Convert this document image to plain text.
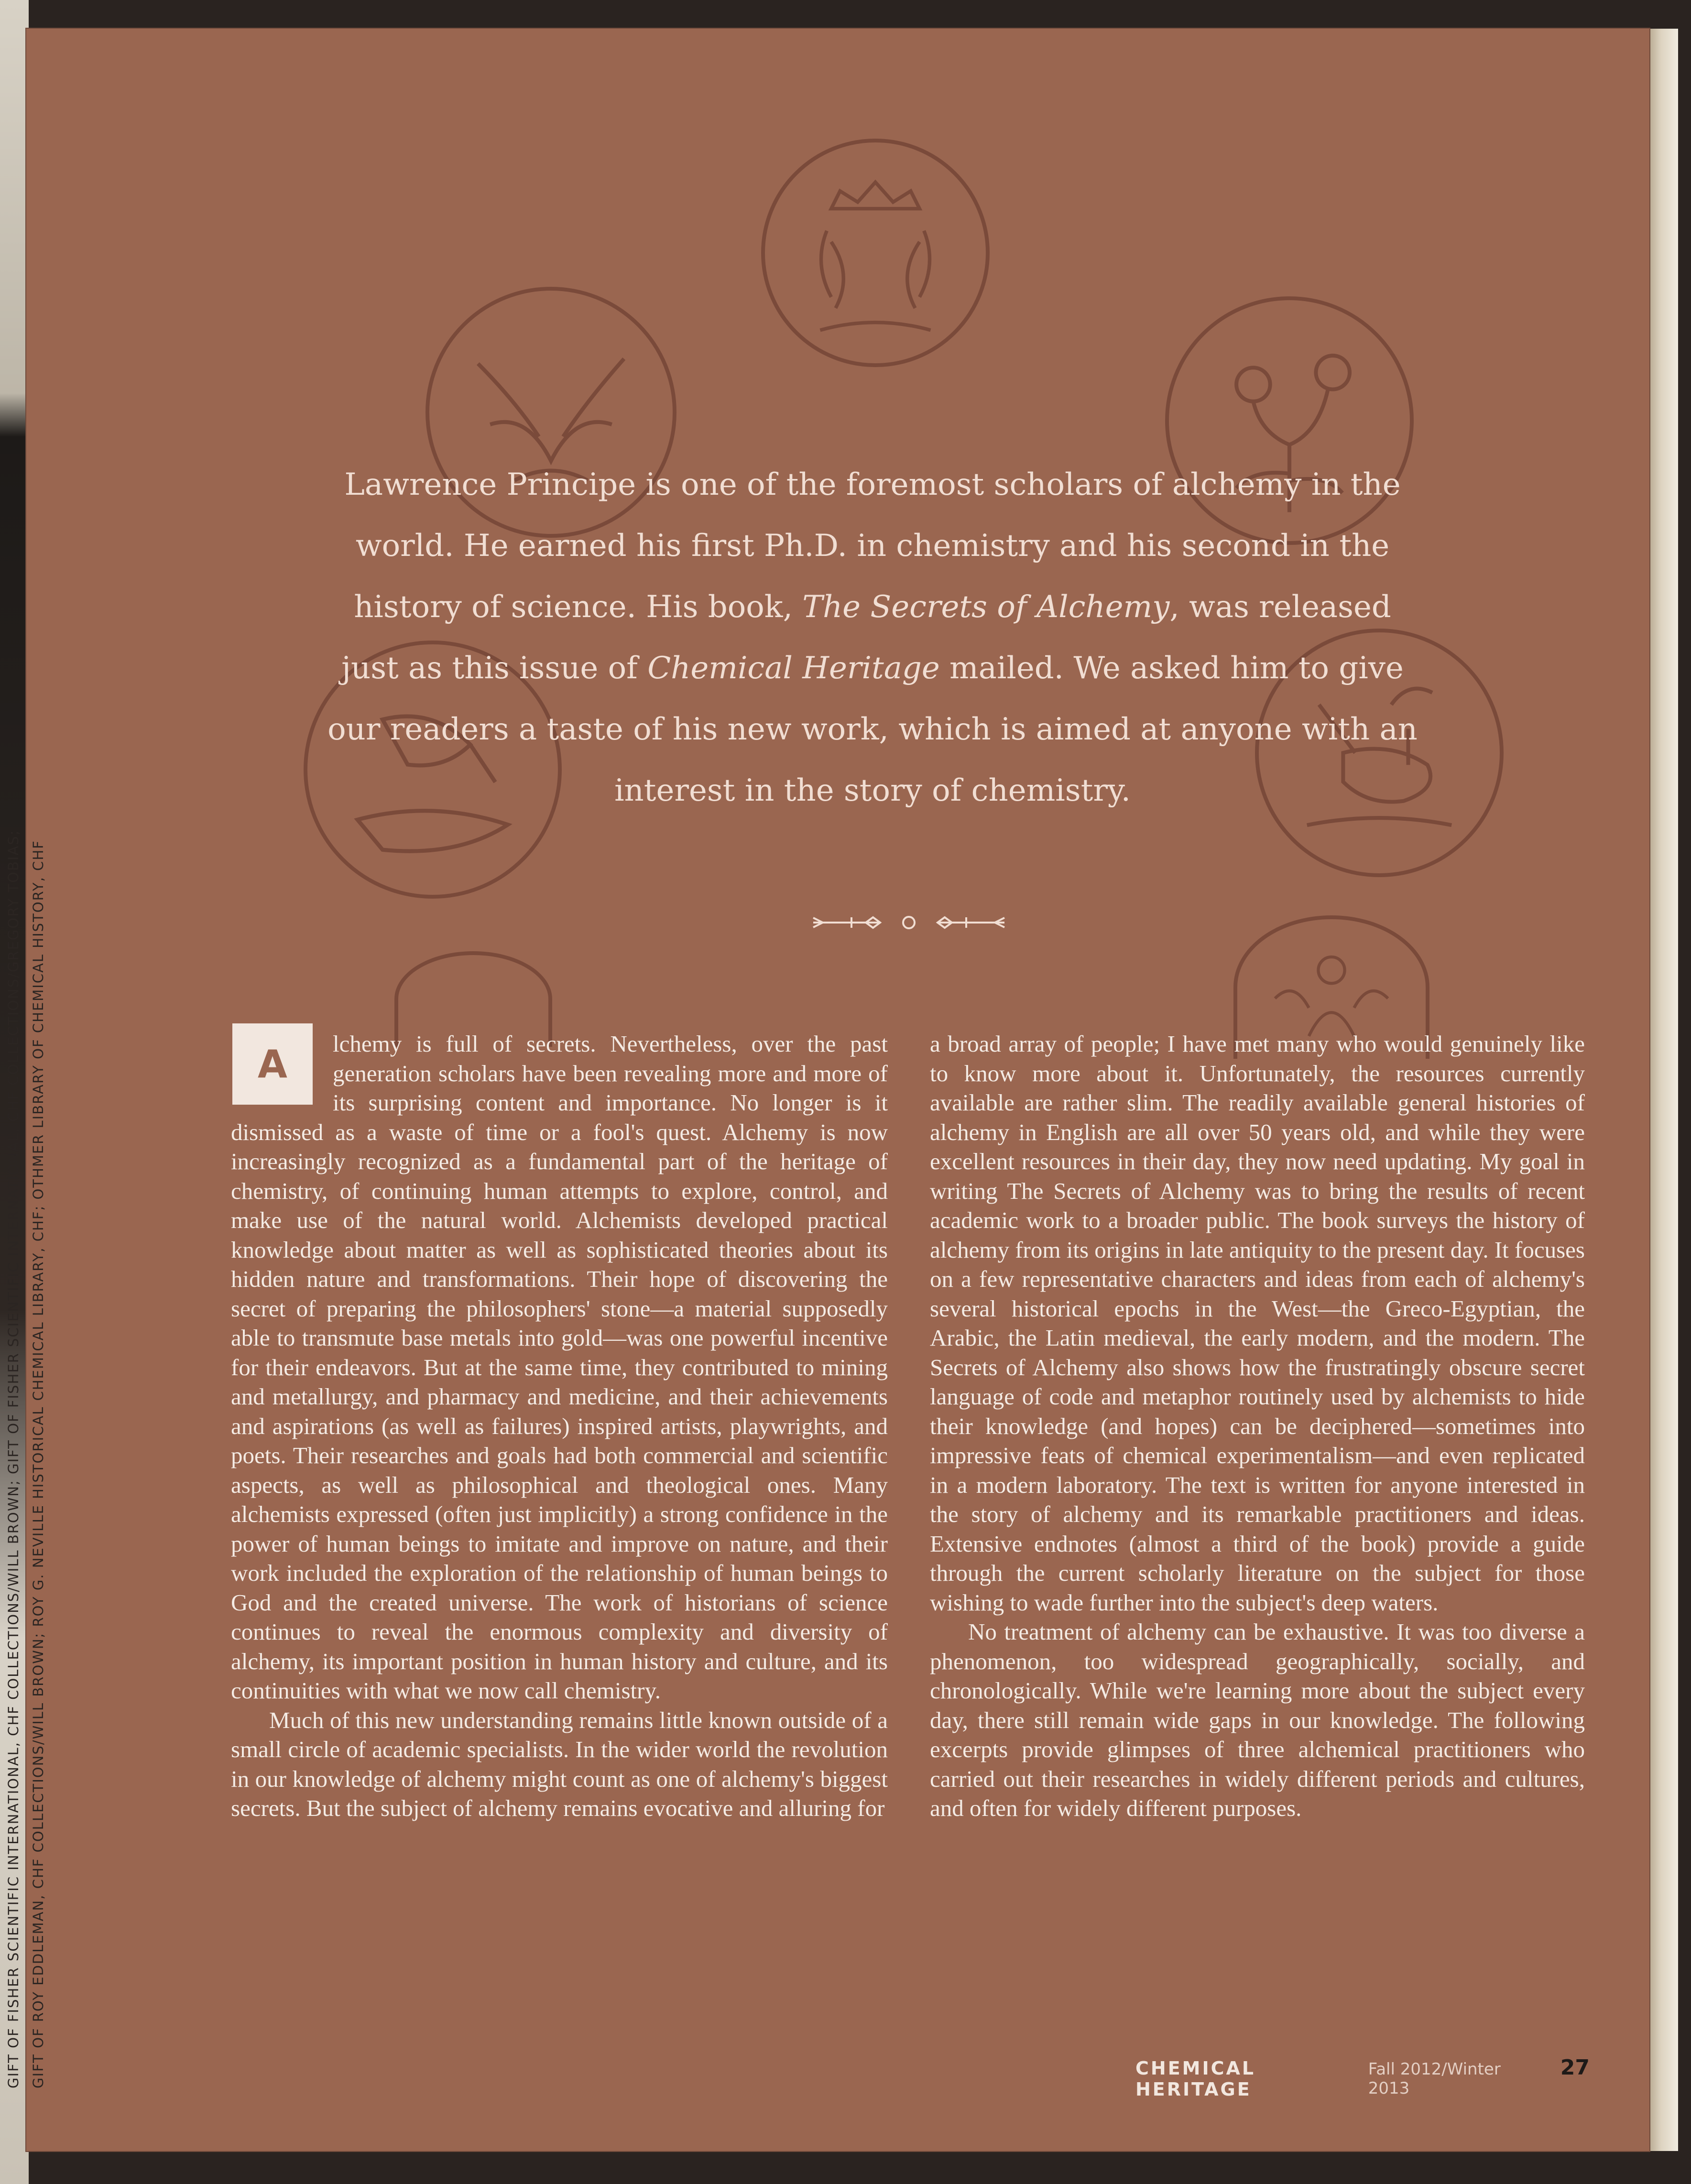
Lawrence Principe is one of the foremost scholars of alchemy in the world. He earned his first Ph.D. in chemistry and his second in the history of science. His book, The Secrets of Alchemy, was released just as this issue of Chemical Heritage mailed. We asked him to give our readers a taste of his new work, which is aimed at anyone with an interest in the story of chemistry.
A	lchemy is full of secrets. Nevertheless, over the past generation scholars have been revealing more and more of its surprising content and importance. No longer is it dismissed as a waste of time or a fool's quest. Alchemy is now increasingly recognized as a fundamental part of the heritage of chemistry, of continuing human attempts to explore, control, and make use of the natural world. Alchemists developed practical knowledge about matter as well as sophisticated theories about its hidden nature and transformations. Their hope of discovering the secret of preparing the philosophers' stone—a material supposedly able to transmute base metals into gold—was one powerful incentive for their endeavors. But at the same time, they contributed to mining and metallurgy, and pharmacy and medicine, and their achievements and aspirations (as well as failures) inspired artists, playwrights, and poets. Their researches and goals had both commercial and scientific aspects, as well as philosophical and theological ones. Many alchemists expressed (often just implicitly) a strong confidence in the power of human beings to imitate and improve on nature, and their work included the exploration of the relationship of human beings to God and the created universe. The work of historians of science continues to reveal the enormous complexity and diversity of alchemy, its important position in human history and culture, and its continuities with what we now call chemistry.

Much of this new understanding remains little known outside of a small circle of academic specialists. In the wider world the revolution in our knowledge of alchemy might count as one of alchemy's biggest secrets. But the subject of alchemy remains evocative and alluring for

a broad array of people; I have met many who would genuinely like to know more about it. Unfortunately, the resources currently available are rather slim. The readily available general histories of alchemy in English are all over 50 years old, and while they were excellent resources in their day, they now need updating. My goal in writing The Secrets of Alchemy was to bring the results of recent academic work to a broader public. The book surveys the history of alchemy from its origins in late antiquity to the present day. It focuses on a few representative characters and ideas from each of alchemy's several historical epochs in the West—the Greco-Egyptian, the Arabic, the Latin medieval, the early modern, and the modern. The Secrets of Alchemy also shows how the frustratingly obscure secret language of code and metaphor routinely used by alchemists to hide their knowledge (and hopes) can be deciphered—sometimes into impressive feats of chemical experimentalism—and even replicated in a modern laboratory. The text is written for anyone interested in the story of alchemy and its remarkable practitioners and ideas. Extensive endnotes (almost a third of the book) provide a guide through the current scholarly literature on the subject for those wishing to wade further into the subject's deep waters.

No treatment of alchemy can be exhaustive. It was too diverse a phenomenon, too widespread geographically, socially, and chronologically. While we're learning more about the subject every day, there still remain wide gaps in our knowledge. The following excerpts provide glimpses of three alchemical practitioners who carried out their researches in widely different periods and cultures, and often for widely different purposes.

CHEMICAL HERITAGE
Fall 2012/Winter 2013
27
GIFT OF FISHER SCIENTIFIC INTERNATIONAL, CHF COLLECTIONS/WILL BROWN; GIFT OF FISHER SCIENTIFIC INTERNATIONAL, CHF COLLECTIONS/GREGORY TOBIAS; GIFT OF ROY EDDLEMAN, CHF COLLECTIONS/WILL BROWN; ROY G. NEVILLE HISTORICAL CHEMICAL LIBRARY, CHF; OTHMER LIBRARY OF CHEMICAL HISTORY, CHF
